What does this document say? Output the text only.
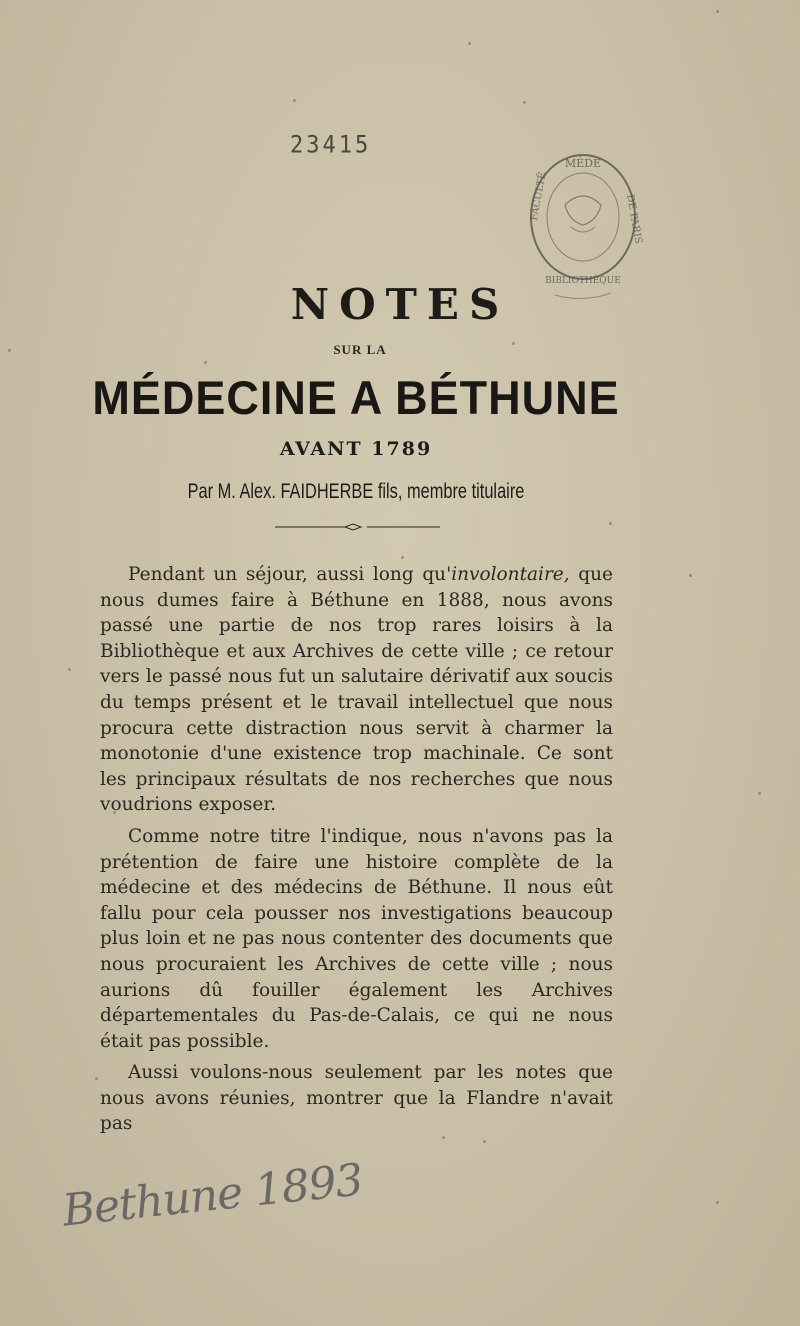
23415
MÉDE
BIBLIOTHÈQUE
FACULTÉ	DE PARIS
NOTES
SUR LA
MÉDECINE A BÉTHUNE
AVANT 1789
Par M. Alex. FAIDHERBE fils, membre titulaire

Pendant un séjour, aussi long qu'involontaire, que nous dumes faire à Béthune en 1888, nous avons passé une partie de nos trop rares loisirs à la Bibliothèque et aux Archives de cette ville ; ce retour vers le passé nous fut un salutaire dérivatif aux soucis du temps présent et le travail intellectuel que nous procura cette distraction nous servit à charmer la monotonie d'une existence trop machinale. Ce sont les principaux résultats de nos recherches que nous voudrions exposer.

Comme notre titre l'indique, nous n'avons pas la prétention de faire une histoire complète de la médecine et des médecins de Béthune. Il nous eût fallu pour cela pousser nos investigations beaucoup plus loin et ne pas nous contenter des documents que nous procuraient les Archives de cette ville ; nous aurions dû fouiller également les Archives départementales du Pas-de-Calais, ce qui ne nous était pas possible.

Aussi voulons-nous seulement par les notes que nous avons réunies, montrer que la Flandre n'avait pas

Bethune 1893
